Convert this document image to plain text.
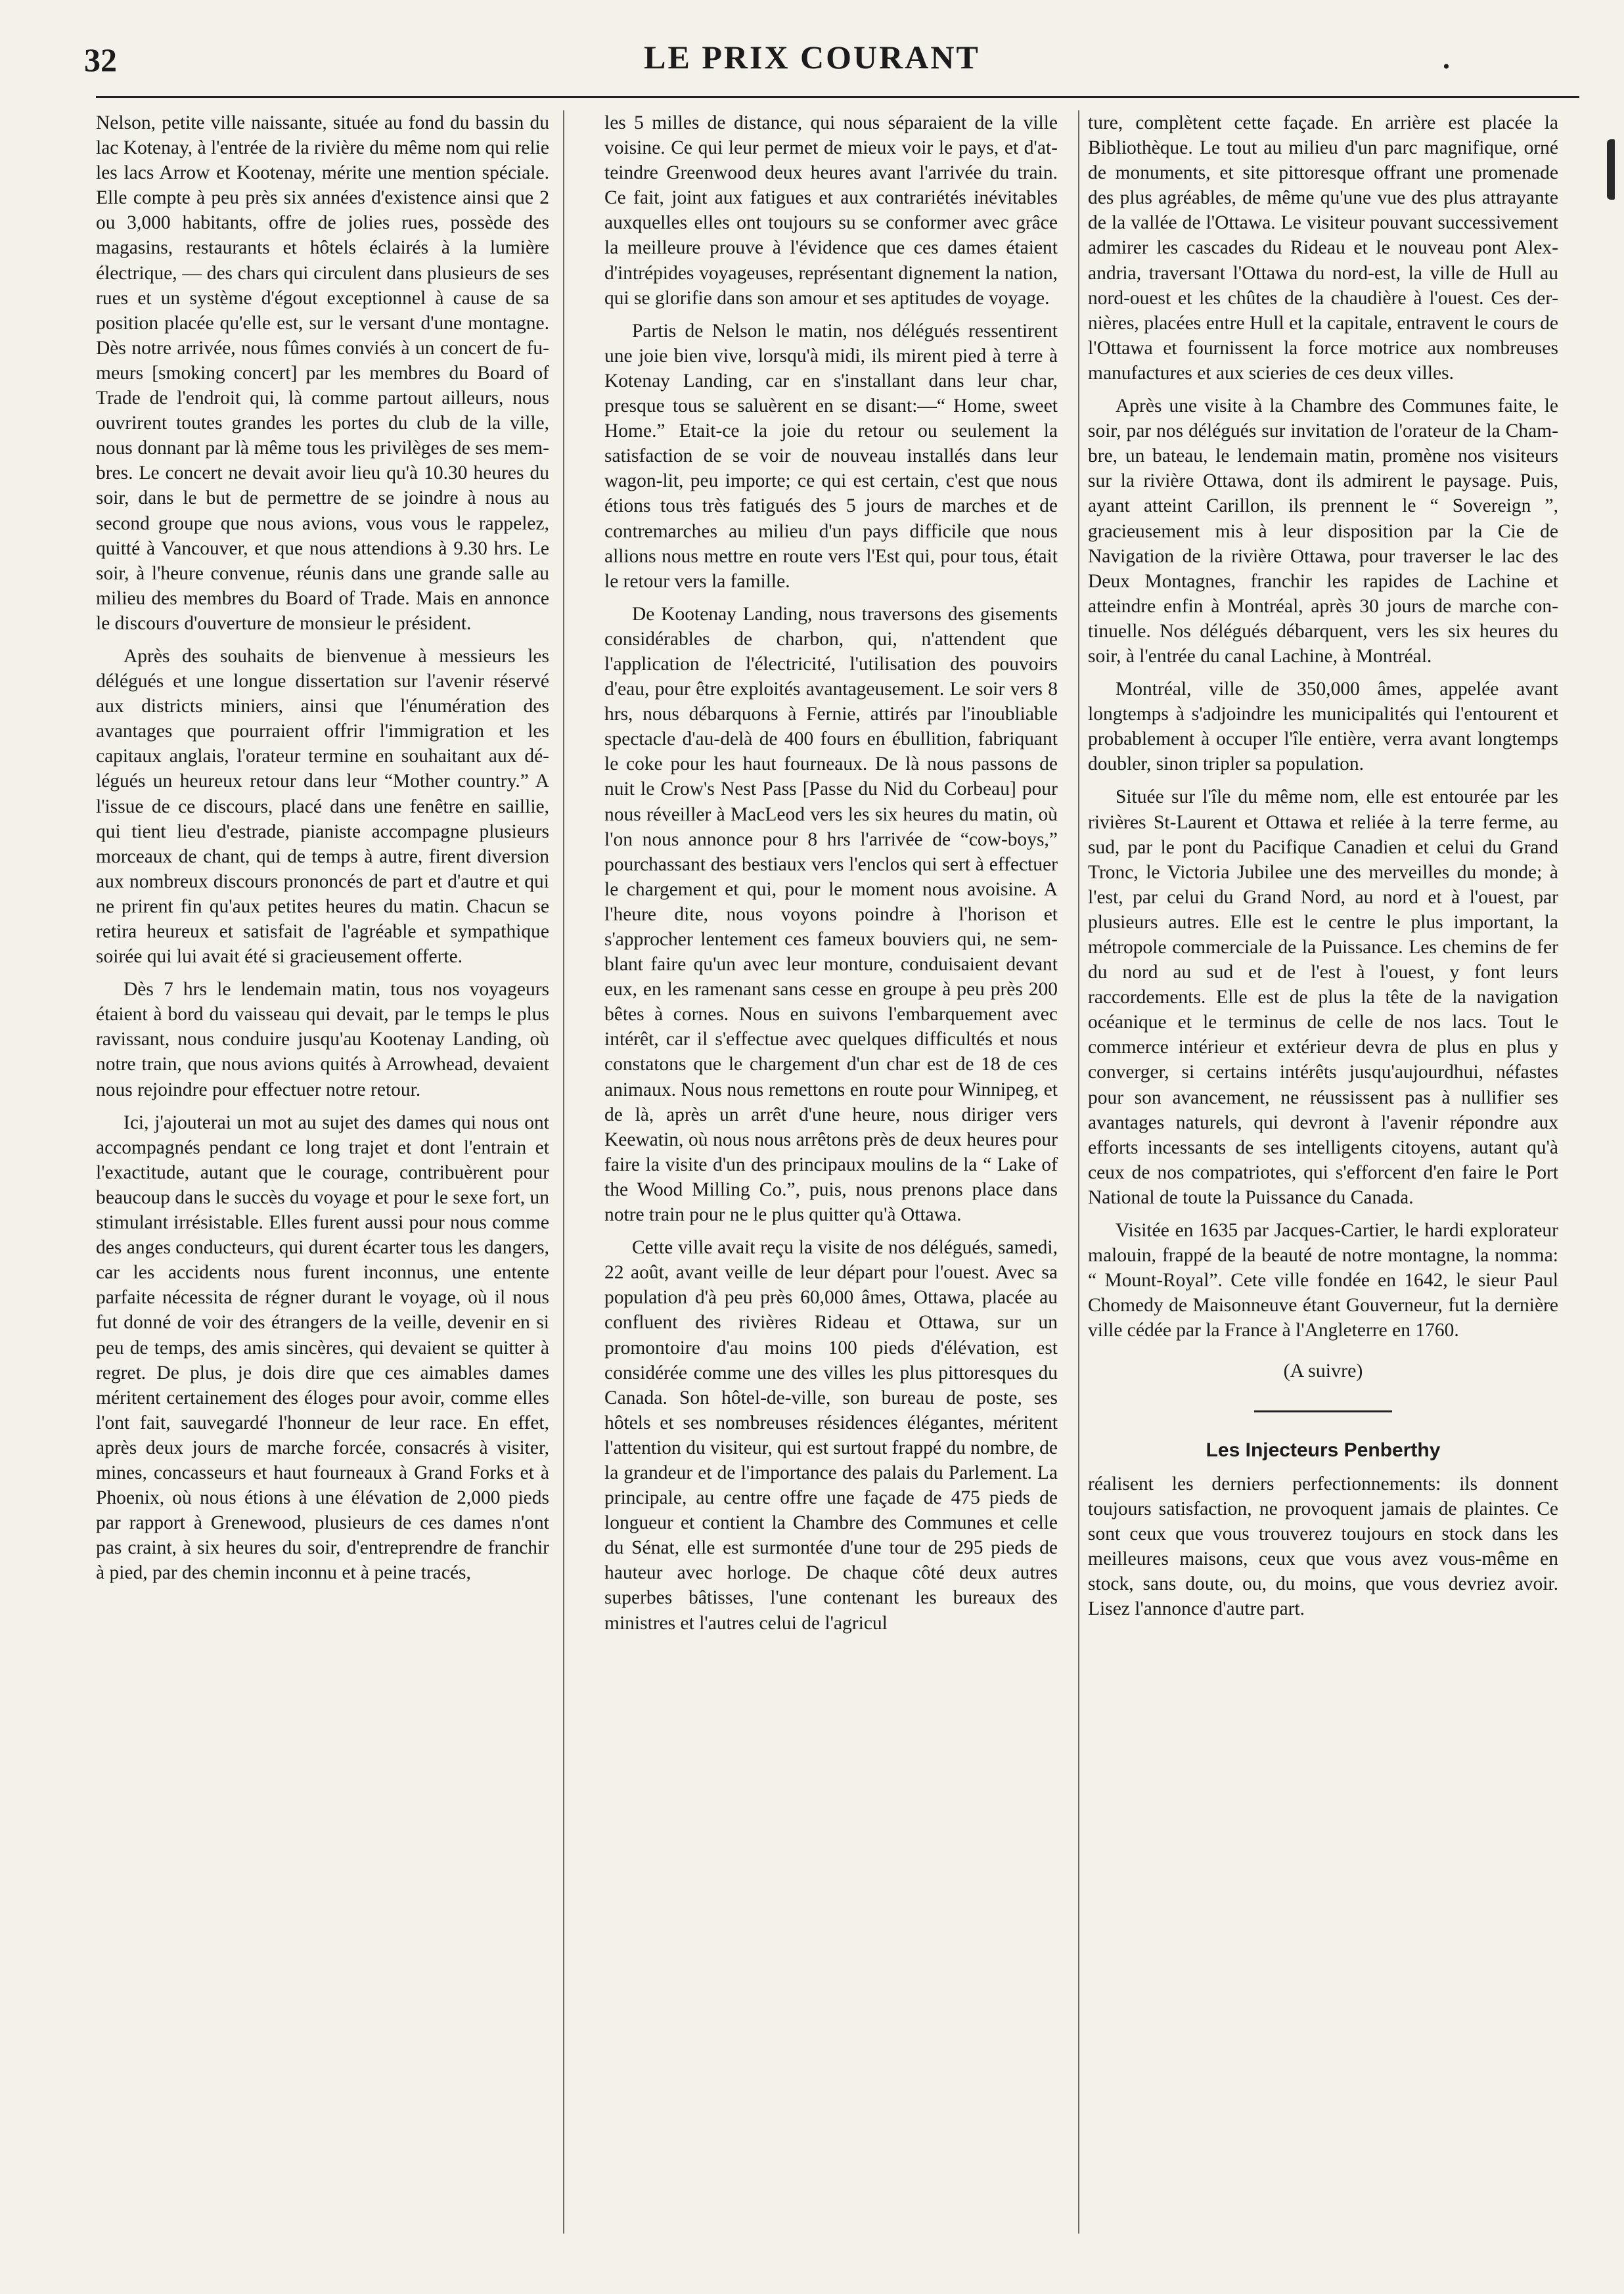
32	LE PRIX COURANT	.

Nelson, petite ville naissante, située au fond du bassin du lac Kotenay, à l'entrée de la rivière du même nom qui relie les lacs Arrow et Kootenay, mérite une mention spéciale. Elle compte à peu près six années d'existence ainsi que 2 ou 3,000 habitants, offre de jolies rues, possède des magasins, restaurants et hôtels éclairés à la lumière électrique, — des chars qui circulent dans plusieurs de ses rues et un système d'égout exceptionnel à cause de sa position placée qu'elle est, sur le versant d'une montagne. Dès notre arrivée, nous fûmes conviés à un concert de fumeurs [smoking concert] par les membres du Board of Trade de l'endroit qui, là comme partout ailleurs, nous ouvrirent toutes grandes les portes du club de la ville, nous donnant par là même tous les privilèges de ses membres. Le concert ne devait avoir lieu qu'à 10.30 heures du soir, dans le but de permettre de se joindre à nous au second groupe que nous avions, vous vous le rappelez, quitté à Vancouver, et que nous attendions à 9.30 hrs. Le soir, à l'heure convenue, réunis dans une grande salle au milieu des membres du Board of Trade. Mais en annonce le discours d'ouverture de monsieur le président.

Après des souhaits de bienvenue à messieurs les délégués et une longue dissertation sur l'avenir réservé aux districts miniers, ainsi que l'énumération des avantages que pourraient offrir l'immigration et les capitaux anglais, l'orateur termine en souhaitant aux délégués un heureux retour dans leur “Mother country.” A l'issue de ce discours, placé dans une fenêtre en saillie, qui tient lieu d'estrade, pianiste accompagne plusieurs morceaux de chant, qui de temps à autre, firent diversion aux nombreux discours prononcés de part et d'autre et qui ne prirent fin qu'aux petites heures du matin. Chacun se retira heureux et satisfait de l'agréable et sympathique soirée qui lui avait été si gracieusement offerte.

Dès 7 hrs le lendemain matin, tous nos voyageurs étaient à bord du vaisseau qui devait, par le temps le plus ravissant, nous conduire jusqu'au Kootenay Landing, où notre train, que nous avions quités à Arrowhead, devaient nous rejoindre pour effectuer notre retour.

Ici, j'ajouterai un mot au sujet des dames qui nous ont accompagnés pendant ce long trajet et dont l'entrain et l'exactitude, autant que le courage, contribuèrent pour beaucoup dans le succès du voyage et pour le sexe fort, un stimulant irrésistable. Elles furent aussi pour nous comme des anges conducteurs, qui durent écarter tous les dangers, car les accidents nous furent inconnus, une entente parfaite nécessita de régner durant le voyage, où il nous fut donné de voir des étrangers de la veille, devenir en si peu de temps, des amis sincères, qui devaient se quitter à regret. De plus, je dois dire que ces aimables dames méritent certainement des éloges pour avoir, comme elles l'ont fait, sauvegardé l'honneur de leur race. En effet, après deux jours de marche forcée, consacrés à visiter, mines, concasseurs et haut fourneaux à Grand Forks et à Phoenix, où nous étions à une élévation de 2,000 pieds par rapport à Grenewood, plusieurs de ces dames n'ont pas craint, à six heures du soir, d'entreprendre de franchir à pied, par des chemin inconnu et à peine tracés,

les 5 milles de distance, qui nous séparaient de la ville voisine. Ce qui leur permet de mieux voir le pays, et d'atteindre Greenwood deux heures avant l'arrivée du train. Ce fait, joint aux fatigues et aux contrariétés inévitables auxquelles elles ont toujours su se conformer avec grâce la meilleure prouve à l'évidence que ces dames étaient d'intrépides voyageuses, représentant dignement la nation, qui se glorifie dans son amour et ses aptitudes de voyage.

Partis de Nelson le matin, nos délégués ressentirent une joie bien vive, lorsqu'à midi, ils mirent pied à terre à Kotenay Landing, car en s'installant dans leur char, presque tous se saluèrent en se disant:—“ Home, sweet Home.” Etait-ce la joie du retour ou seulement la satisfaction de se voir de nouveau installés dans leur wagon-lit, peu importe; ce qui est certain, c'est que nous étions tous très fatigués des 5 jours de marches et de contremarches au milieu d'un pays difficile que nous allions nous mettre en route vers l'Est qui, pour tous, était le retour vers la famille.

De Kootenay Landing, nous traversons des gisements considérables de charbon, qui, n'attendent que l'application de l'électricité, l'utilisation des pouvoirs d'eau, pour être exploités avantageusement. Le soir vers 8 hrs, nous débarquons à Fernie, attirés par l'inoubliable spectacle d'au-delà de 400 fours en ébullition, fabriquant le coke pour les haut fourneaux. De là nous passons de nuit le Crow's Nest Pass [Passe du Nid du Corbeau] pour nous réveiller à MacLeod vers les six heures du matin, où l'on nous annonce pour 8 hrs l'arrivée de “cow-boys,” pourchassant des bestiaux vers l'enclos qui sert à effectuer le chargement et qui, pour le moment nous avoisine. A l'heure dite, nous voyons poindre à l'horison et s'approcher lentement ces fameux bouviers qui, ne semblant faire qu'un avec leur monture, conduisaient devant eux, en les ramenant sans cesse en groupe à peu près 200 bêtes à cornes. Nous en suivons l'embarquement avec intérêt, car il s'effectue avec quelques difficultés et nous constatons que le chargement d'un char est de 18 de ces animaux. Nous nous remettons en route pour Winnipeg, et de là, après un arrêt d'une heure, nous diriger vers Keewatin, où nous nous arrêtons près de deux heures pour faire la visite d'un des principaux moulins de la “ Lake of the Wood Milling Co.”, puis, nous prenons place dans notre train pour ne le plus quitter qu'à Ottawa.

Cette ville avait reçu la visite de nos délégués, samedi, 22 août, avant veille de leur départ pour l'ouest. Avec sa population d'à peu près 60,000 âmes, Ottawa, placée au confluent des rivières Rideau et Ottawa, sur un promontoire d'au moins 100 pieds d'élévation, est considérée comme une des villes les plus pittoresques du Canada. Son hôtel-de-ville, son bureau de poste, ses hôtels et ses nombreuses résidences élégantes, méritent l'attention du visiteur, qui est surtout frappé du nombre, de la grandeur et de l'importance des palais du Parlement. La principale, au centre offre une façade de 475 pieds de longueur et contient la Chambre des Communes et celle du Sénat, elle est surmontée d'une tour de 295 pieds de hauteur avec horloge. De chaque côté deux autres superbes bâtisses, l'une contenant les bureaux des ministres et l'autres celui de l'agricul

ture, complètent cette façade. En arrière est placée la Bibliothèque. Le tout au milieu d'un parc magnifique, orné de monuments, et site pittoresque offrant une promenade des plus agréables, de même qu'une vue des plus attrayante de la vallée de l'Ottawa. Le visiteur pouvant successivement admirer les cascades du Rideau et le nouveau pont Alexandria, traversant l'Ottawa du nord-est, la ville de Hull au nord-ouest et les chûtes de la chaudière à l'ouest. Ces dernières, placées entre Hull et la capitale, entravent le cours de l'Ottawa et fournissent la force motrice aux nombreuses manufactures et aux scieries de ces deux villes.

Après une visite à la Chambre des Communes faite, le soir, par nos délégués sur invitation de l'orateur de la Chambre, un bateau, le lendemain matin, promène nos visiteurs sur la rivière Ottawa, dont ils admirent le paysage. Puis, ayant atteint Carillon, ils prennent le “ Sovereign ”, gracieusement mis à leur disposition par la Cie de Navigation de la rivière Ottawa, pour traverser le lac des Deux Montagnes, franchir les rapides de Lachine et atteindre enfin à Montréal, après 30 jours de marche continuelle. Nos délégués débarquent, vers les six heures du soir, à l'entrée du canal Lachine, à Montréal.

Montréal, ville de 350,000 âmes, appelée avant longtemps à s'adjoindre les municipalités qui l'entourent et probablement à occuper l'île entière, verra avant longtemps doubler, sinon tripler sa population.

Située sur l'île du même nom, elle est entourée par les rivières St-Laurent et Ottawa et reliée à la terre ferme, au sud, par le pont du Pacifique Canadien et celui du Grand Tronc, le Victoria Jubilee une des merveilles du monde; à l'est, par celui du Grand Nord, au nord et à l'ouest, par plusieurs autres. Elle est le centre le plus important, la métropole commerciale de la Puissance. Les chemins de fer du nord au sud et de l'est à l'ouest, y font leurs raccordements. Elle est de plus la tête de la navigation océanique et le terminus de celle de nos lacs. Tout le commerce intérieur et extérieur devra de plus en plus y converger, si certains intérêts jusqu'aujourdhui, néfastes pour son avancement, ne réussissent pas à nullifier ses avantages naturels, qui devront à l'avenir répondre aux efforts incessants de ses intelligents citoyens, autant qu'à ceux de nos compatriotes, qui s'efforcent d'en faire le Port National de toute la Puissance du Canada.

Visitée en 1635 par Jacques-Cartier, le hardi explorateur malouin, frappé de la beauté de notre montagne, la nomma: “ Mount-Royal”. Cete ville fondée en 1642, le sieur Paul Chomedy de Maisonneuve étant Gouverneur, fut la dernière ville cédée par la France à l'Angleterre en 1760.

(A suivre)
Les Injecteurs Penberthy

réalisent les derniers perfectionnements: ils donnent toujours satisfaction, ne provoquent jamais de plaintes. Ce sont ceux que vous trouverez toujours en stock dans les meilleures maisons, ceux que vous avez vous-même en stock, sans doute, ou, du moins, que vous devriez avoir. Lisez l'annonce d'autre part.
